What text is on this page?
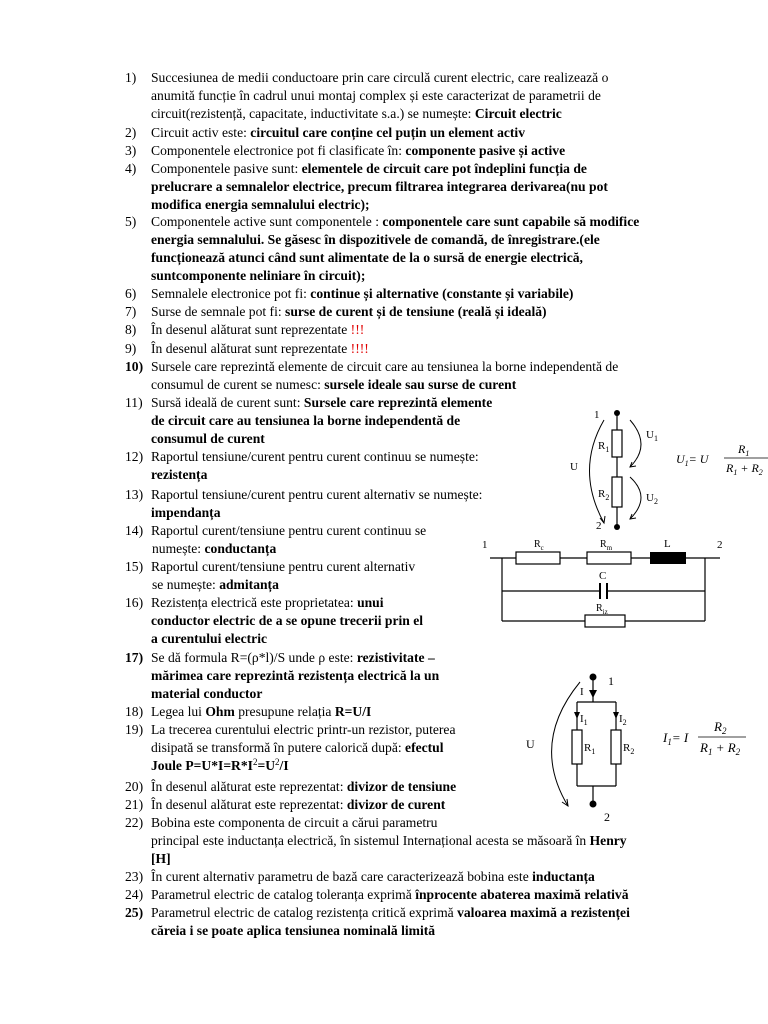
1) Succesiunea de medii conductoare prin care circulă curent electric, care realizează o
anumită funcție în cadrul unui montaj complex și este caracterizat de parametrii de
circuit(rezistență, capacitate, inductivitate s.a.) se numește: Circuit electric
2) Circuit activ este: circuitul care conține cel puțin un element activ
3) Componentele electronice pot fi clasificate în: componente pasive și active
4) Componentele pasive sunt: elementele de circuit care pot îndeplini funcția de
prelucrare a semnalelor electrice, precum filtrarea integrarea derivarea(nu pot
modifica energia semnalului electric);
5) Componentele active sunt componentele : componentele care sunt capabile să modifice
energia semnalului. Se găsesc în dispozitivele de comandă, de înregistrare.(ele
funcționează atunci când sunt alimentate de la o sursă de energie electrică,
suntcomponente neliniare în circuit);
6) Semnalele electronice pot fi: continue și alternative (constante și variabile)
7) Surse de semnale pot fi: surse de curent și de tensiune (reală și ideală)
8) În desenul alăturat sunt reprezentate !!!
9) În desenul alăturat sunt reprezentate !!!!
10) Sursele care reprezintă elemente de circuit care au tensiunea la borne independentă de
consumul de curent se numesc: sursele ideale sau surse de curent
11) Sursă ideală de curent sunt: Sursele care reprezintă elemente
de circuit care au tensiunea la borne independentă de
consumul de curent
12) Raportul tensiune/curent pentru curent continuu se numește:
rezistența
13) Raportul tensiune/curent pentru curent alternativ se numește:
impendanța
14) Raportul curent/tensiune pentru curent continuu se
numește: conductanța
15) Raportul curent/tensiune pentru curent alternativ
se numește: admitanța
16) Rezistența electrică este proprietatea: unui
conductor electric de a se opune trecerii prin el
a curentului electric
17) Se dă formula R=(ρ*l)/S unde ρ este: rezistivitate –
mărimea care reprezintă rezistența electrică la un
material conductor
18) Legea lui Ohm presupune relația R=U/I
19) La trecerea curentului electric printr-un rezistor, puterea
disipată se transformă în putere calorică după: efectul
Joule $P=U*I=R*I^2=U^2/I$
20) În desenul alăturat este reprezentat: divizor de tensiune
21) În desenul alăturat este reprezentat: divizor de curent
22) Bobina este componenta de circuit a cărui parametru
principal este inductanța electrică, în sistemul Internațional acesta se măsoară în Henry
[H]
23) În curent alternativ parametru de bază care caracterizează bobina este inductanța
24) Parametrul electric de catalog toleranța exprimă înprocente abaterea maximă relativă
25) Parametrul electric de catalog rezistența critică exprimă valoarea maximă a rezistenței
căreia i se poate aplica tensiunea nominală limită
1
2
$R_1$
$R_2$
U
$U_1$
$U_2$
$U_1= U$
$R_1$
$R_1 + R_2$
1	2
$R_c$	$R_m$	L
C
$R_{iz}$
1
I
$I_1$	$I_2$
$R_1$	$R_2$
2
U	$I_1= I$
$R_2$
$R_1 + R_2$
